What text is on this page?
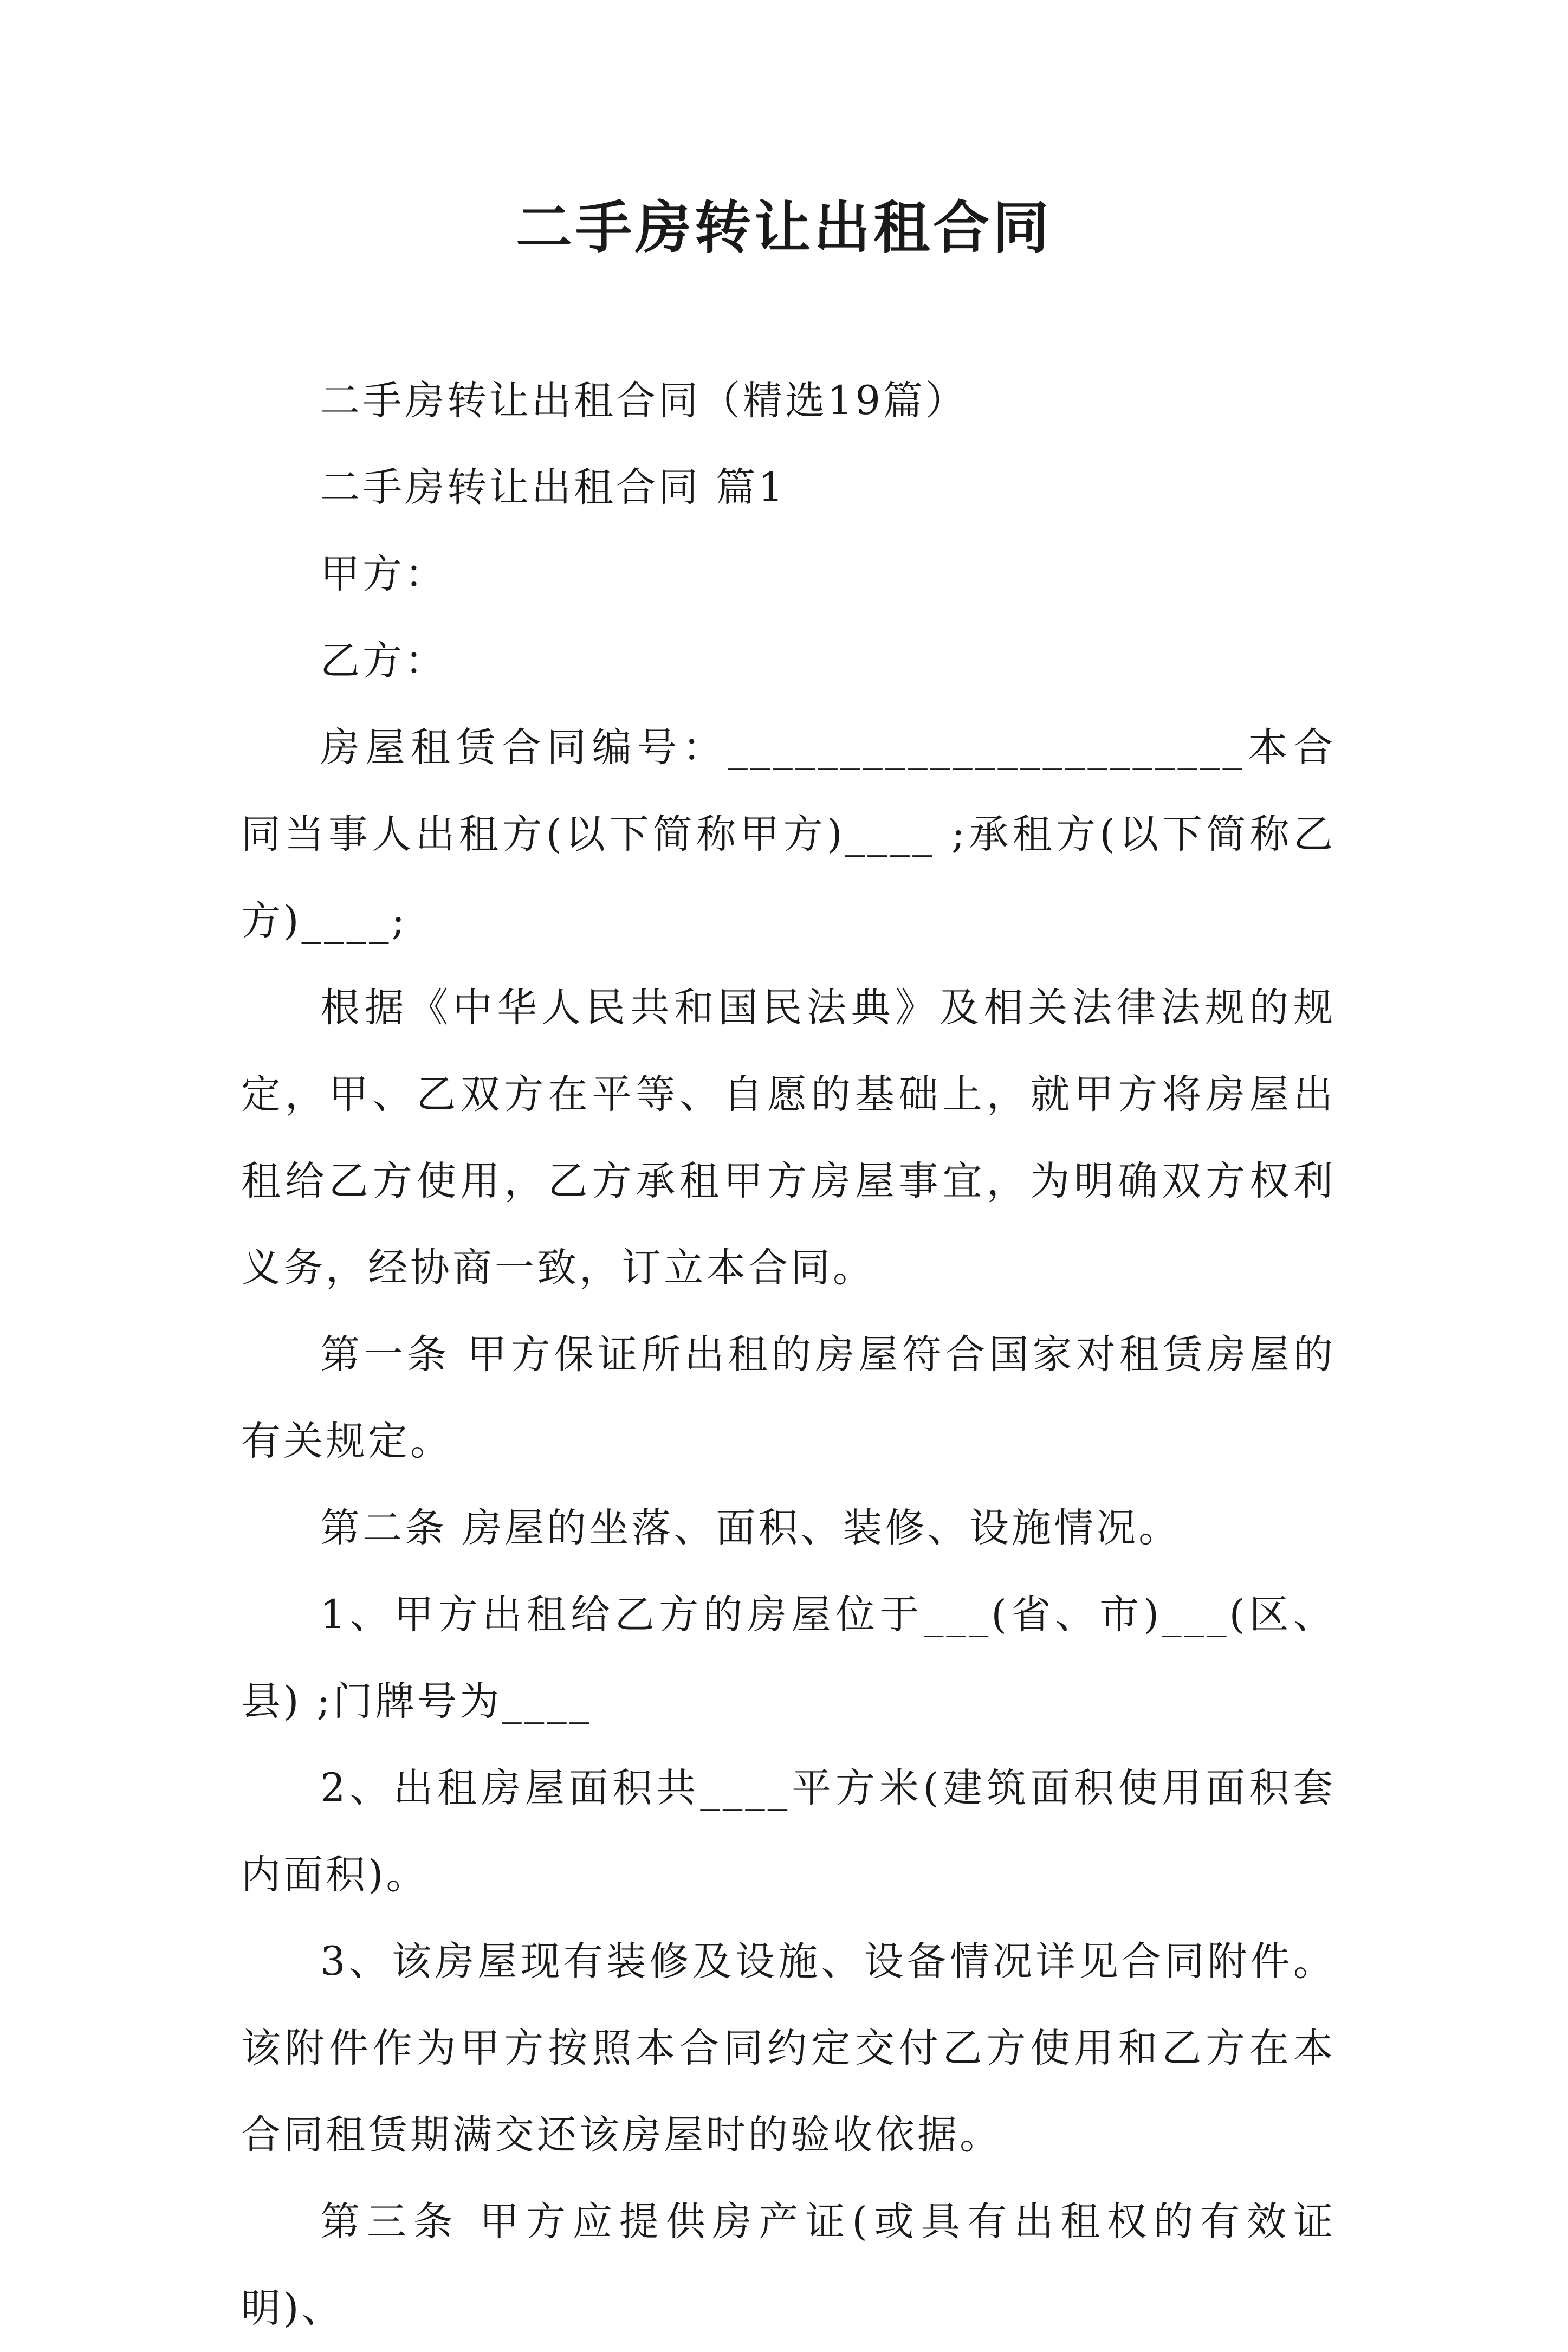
二手房转让出租合同

二手房转让出租合同（精选19篇）

二手房转让出租合同 篇1

甲方：

乙方：

房屋租赁合同编号：_______________________本合同当事人出租方(以下简称甲方)____ ;承租方(以下简称乙方)____;

根据《中华人民共和国民法典》及相关法律法规的规定，甲、乙双方在平等、自愿的基础上，就甲方将房屋出租给乙方使用，乙方承租甲方房屋事宜，为明确双方权利义务，经协商一致，订立本合同。

第一条 甲方保证所出租的房屋符合国家对租赁房屋的有关规定。

第二条 房屋的坐落、面积、装修、设施情况。

1、甲方出租给乙方的房屋位于___(省、市)___(区、县) ;门牌号为____

2、出租房屋面积共____平方米(建筑面积使用面积套内面积)。

3、该房屋现有装修及设施、设备情况详见合同附件。该附件作为甲方按照本合同约定交付乙方使用和乙方在本合同租赁期满交还该房屋时的验收依据。

第三条 甲方应提供房产证(或具有出租权的有效证明)、
